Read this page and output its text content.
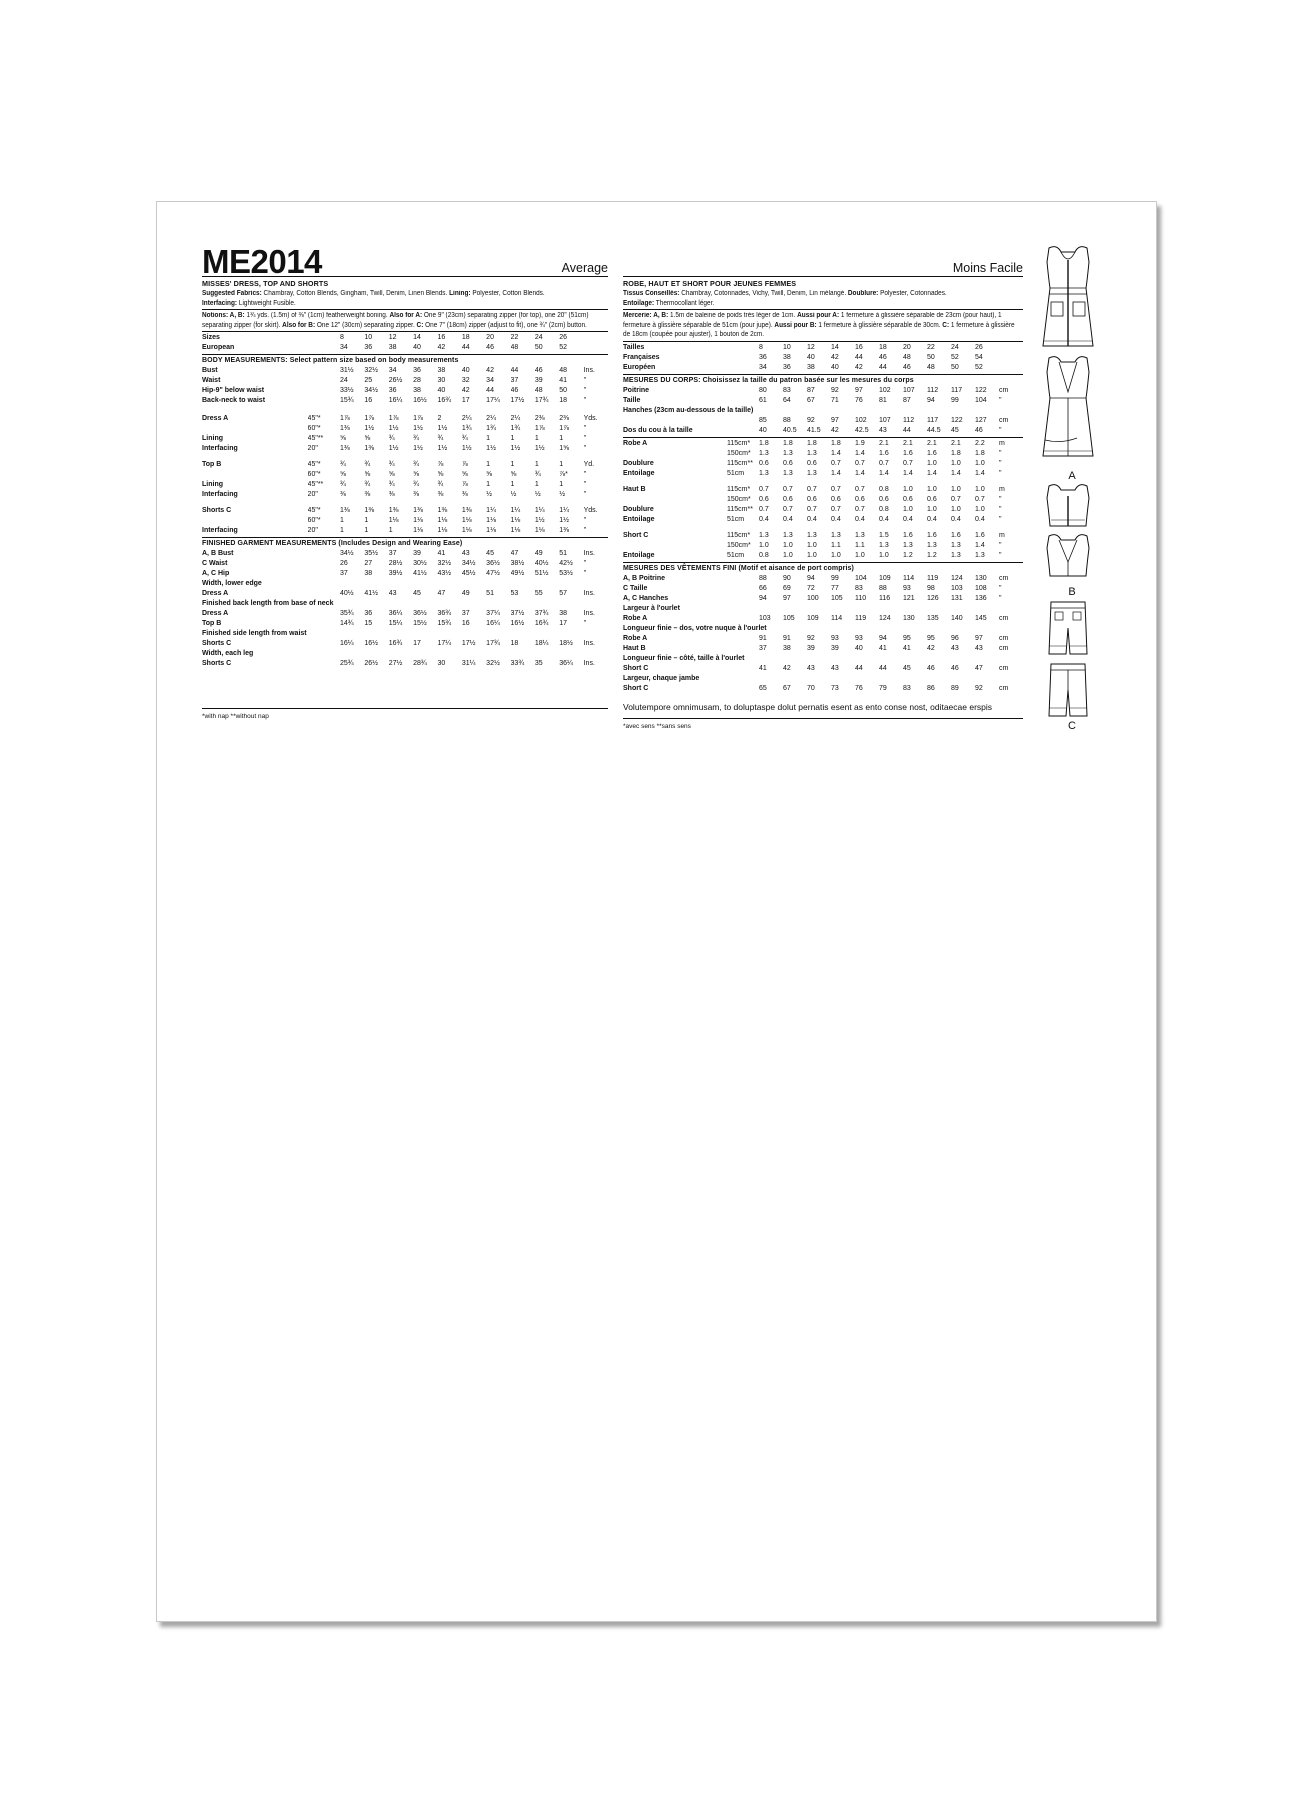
ME2014	Average
MISSES' DRESS, TOP AND SHORTS

Suggested Fabrics: Chambray, Cotton Blends, Gingham, Twill, Denim, Linen Blends. Lining: Polyester, Cotton Blends.
Interfacing: Lightweight Fusible.

Notions: A, B: 1¾ yds. (1.5m) of ⅜" (1cm) featherweight boning. Also for A: One 9" (23cm) separating zipper (for top), one 20" (51cm) separating zipper (for skirt). Also for B: One 12" (30cm) separating zipper. C: One 7" (18cm) zipper (adjust to fit), one ¾" (2cm) button.

Sizes		8	10	12	14	16	18	20	22	24	26	
European		34	36	38	40	42	44	46	48	50	52	
BODY MEASUREMENTS: Select pattern size based on body measurements
Bust		31½	32½	34	36	38	40	42	44	46	48	Ins.
Waist		24	25	26½	28	30	32	34	37	39	41	"
Hip-9" below waist		33½	34½	36	38	40	42	44	46	48	50	"
Back-neck to waist		15¾	16	16¼	16½	16¾	17	17¼	17½	17¾	18	"
Dress A	45"*	1⅞	1⅞	1⅞	1⅞	2	2¼	2¼	2¼	2⅜	2⅜	Yds.
	60"*	1⅜	1½	1½	1½	1½	1¾	1¾	1¾	1⅞	1⅞	"
Lining	45"**	⅝	⅝	¾	¾	¾	¾	1	1	1	1	"
Interfacing	20"	1⅜	1⅜	1½	1½	1½	1½	1½	1½	1½	1⅝	"

Top B	45"*	¾	¾	¾	¾	⅞	⅞	1	1	1	1	Yd.
	60"*	⅝	⅝	⅝	⅝	⅝	⅝	⅝	⅝	¾	⅞*	"
Lining	45"**	¾	¾	¾	¾	¾	⅞	1	1	1	1	"
Interfacing	20"	⅜	⅜	⅜	⅜	⅜	⅜	½	½	½	½	"

Shorts C	45"*	1⅜	1⅜	1⅜	1⅜	1⅜	1⅜	1¼	1¼	1¼	1¼	Yds.
	60"*	1	1	1⅛	1⅛	1⅛	1⅛	1⅛	1⅛	1½	1½	"
Interfacing	20"	1	1	1	1⅛	1⅛	1⅛	1⅛	1⅛	1⅛	1⅜	"
FINISHED GARMENT MEASUREMENTS (Includes Design and Wearing Ease)
A, B Bust		34½	35½	37	39	41	43	45	47	49	51	Ins.
C Waist		26	27	28½	30½	32½	34½	36½	38½	40½	42½	"
A, C Hip		37	38	39½	41½	43½	45½	47½	49½	51½	53½	"
Width, lower edge												
Dress A		40½	41½	43	45	47	49	51	53	55	57	Ins.
Finished back length from base of neck												
Dress A		35¾	36	36¼	36½	36¾	37	37¼	37½	37¾	38	Ins.
Top B		14¾	15	15¼	15½	15¾	16	16¼	16½	16¾	17	"
Finished side length from waist												
Shorts C		16¼	16½	16¾	17	17¼	17½	17¾	18	18¼	18½	Ins.
Width, each leg												
Shorts C		25¾	26½	27½	28¾	30	31¼	32½	33¾	35	36¼	Ins.
*with nap **without nap
Moins Facile
ROBE, HAUT ET SHORT POUR JEUNES FEMMES

Tissus Conseillés: Chambray, Cotonnades, Vichy, Twill, Denim, Lin mélangé. Doublure: Polyester, Cotonnades.
Entoilage: Thermocollant léger.

Mercerie: A, B: 1.5m de baleine de poids très léger de 1cm. Aussi pour A: 1 fermeture à glissière séparable de 23cm (pour haut), 1 fermeture à glissière séparable de 51cm (pour jupe). Aussi pour B: 1 fermeture à glissière séparable de 30cm. C: 1 fermeture à glissière de 18cm (coupée pour ajuster), 1 bouton de 2cm.

Tailles		8	10	12	14	16	18	20	22	24	26	
Françaises		36	38	40	42	44	46	48	50	52	54	
Européen		34	36	38	40	42	44	46	48	50	52	
MESURES DU CORPS: Choisissez la taille du patron basée sur les mesures du corps
Poitrine		80	83	87	92	97	102	107	112	117	122	cm
Taille		61	64	67	71	76	81	87	94	99	104	"
Hanches (23cm au-dessous de la taille)												
		85	88	92	97	102	107	112	117	122	127	cm
Dos du cou à la taille		40	40.5	41.5	42	42.5	43	44	44.5	45	46	"
Robe A	115cm*	1.8	1.8	1.8	1.8	1.9	2.1	2.1	2.1	2.1	2.2	m
	150cm*	1.3	1.3	1.3	1.4	1.4	1.6	1.6	1.6	1.8	1.8	"
Doublure	115cm**	0.6	0.6	0.6	0.7	0.7	0.7	0.7	1.0	1.0	1.0	"
Entoilage	51cm	1.3	1.3	1.3	1.4	1.4	1.4	1.4	1.4	1.4	1.4	"

Haut B	115cm*	0.7	0.7	0.7	0.7	0.7	0.8	1.0	1.0	1.0	1.0	m
	150cm*	0.6	0.6	0.6	0.6	0.6	0.6	0.6	0.6	0.7	0.7	"
Doublure	115cm**	0.7	0.7	0.7	0.7	0.7	0.8	1.0	1.0	1.0	1.0	"
Entoilage	51cm	0.4	0.4	0.4	0.4	0.4	0.4	0.4	0.4	0.4	0.4	"

Short C	115cm*	1.3	1.3	1.3	1.3	1.3	1.5	1.6	1.6	1.6	1.6	m
	150cm*	1.0	1.0	1.0	1.1	1.1	1.3	1.3	1.3	1.3	1.4	"
Entoilage	51cm	0.8	1.0	1.0	1.0	1.0	1.0	1.2	1.2	1.3	1.3	"
MESURES DES VÊTEMENTS FINI (Motif et aisance de port compris)
A, B Poitrine		88	90	94	99	104	109	114	119	124	130	cm
C Taille		66	69	72	77	83	88	93	98	103	108	"
A, C Hanches		94	97	100	105	110	116	121	126	131	136	"
Largeur à l'ourlet												
Robe A		103	105	109	114	119	124	130	135	140	145	cm
Longueur finie – dos, votre nuque à l'ourlet												
Robe A		91	91	92	93	93	94	95	95	96	97	cm
Haut B		37	38	39	39	40	41	41	42	43	43	cm
Longueur finie – côté, taille à l'ourlet												
Short C		41	42	43	43	44	44	45	46	46	47	cm
Largeur, chaque jambe												
Short C		65	67	70	73	76	79	83	86	89	92	cm
Volutempore omnimusam, to doluptaspe dolut pernatis esent as ento conse nost, oditaecae erspis
*avec sens **sans sens
A
B
C
